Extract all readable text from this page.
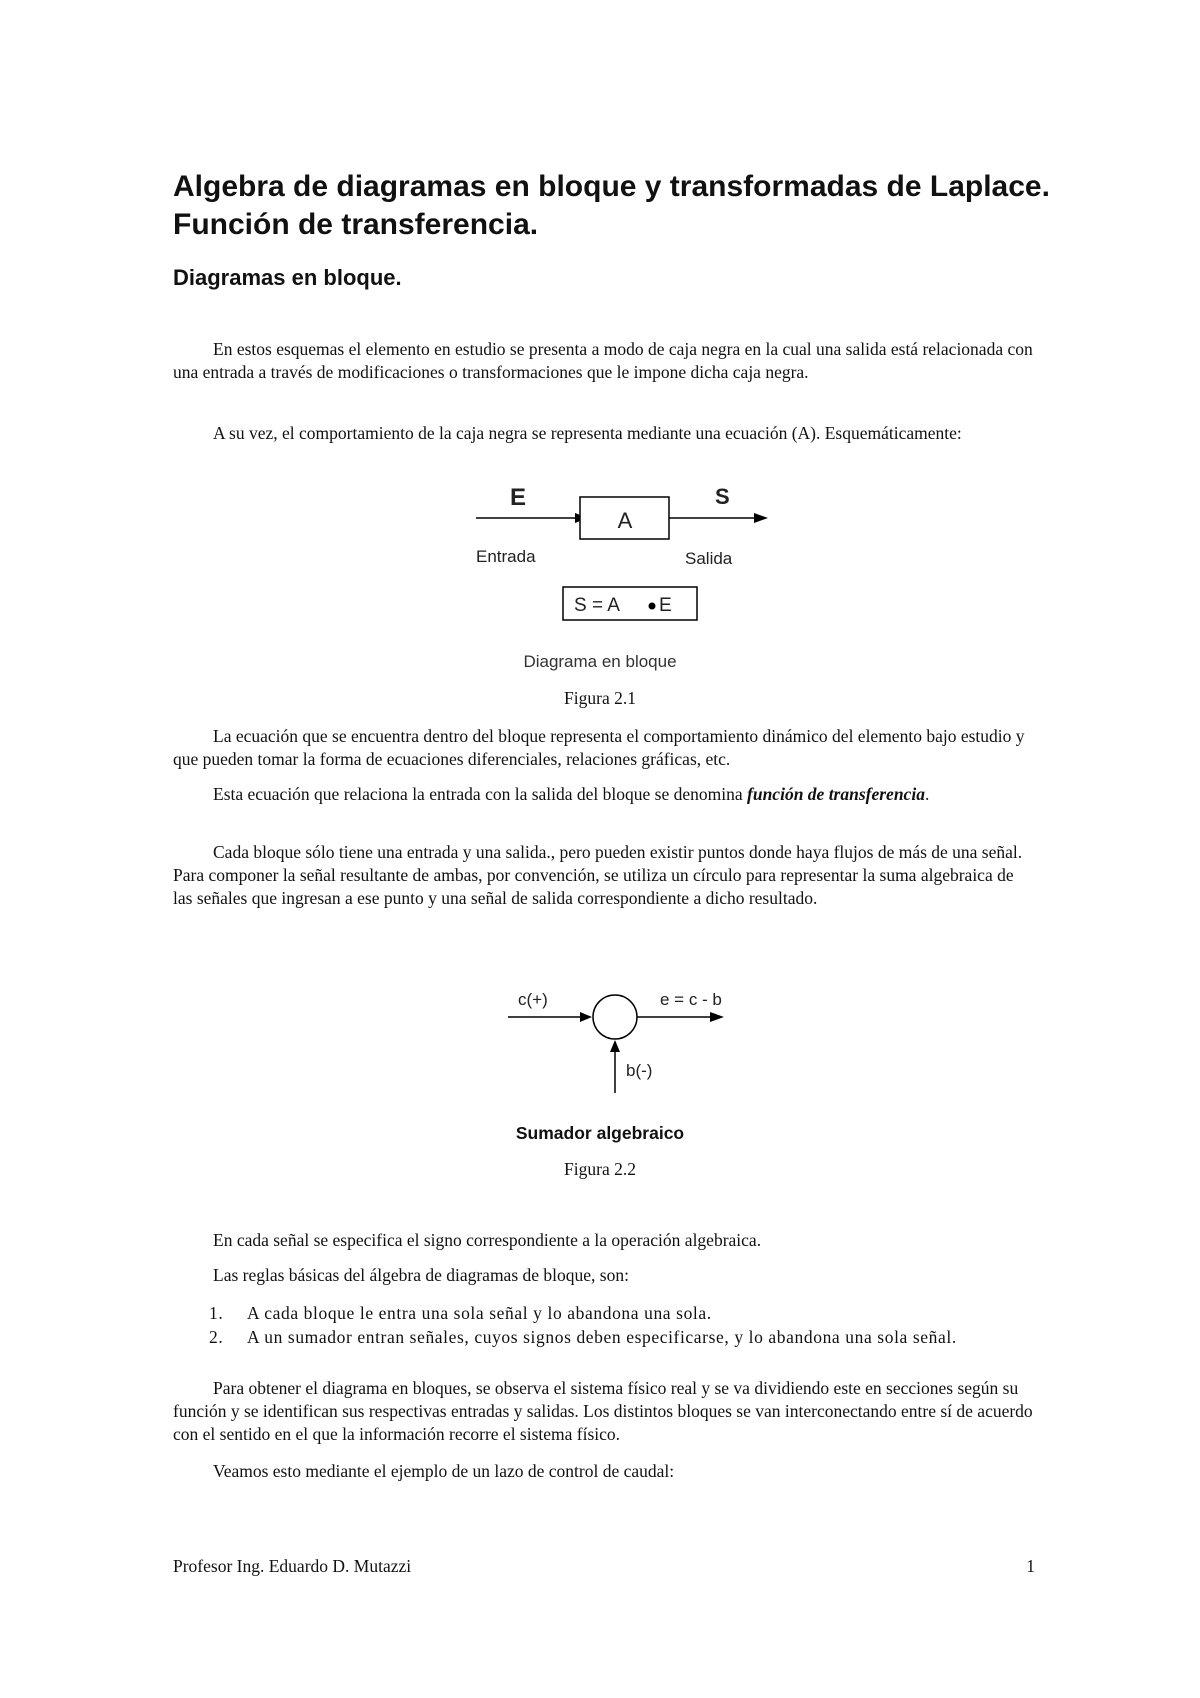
Algebra de diagramas en bloque y transformadas de Laplace. Función de transferencia.
Diagramas en bloque.

En estos esquemas el elemento en estudio se presenta a modo de caja negra en la cual una salida está relacionada con una entrada a través de modificaciones o transformaciones que le impone dicha caja negra.

A su vez, el comportamiento de la caja negra se representa mediante una ecuación (A). Esquemáticamente:

E
A
S
Entrada	Salida
S = A E

Diagrama en bloque

Figura 2.1

La ecuación que se encuentra dentro del bloque representa el comportamiento dinámico del elemento bajo estudio y que pueden tomar la forma de ecuaciones diferenciales, relaciones gráficas, etc.

Esta ecuación que relaciona la entrada con la salida del bloque se denomina función de transferencia.

Cada bloque sólo tiene una entrada y una salida., pero pueden existir puntos donde haya flujos de más de una señal. Para componer la señal resultante de ambas, por convención, se utiliza un círculo para representar la suma algebraica de las señales que ingresan a ese punto y una señal de salida correspondiente a dicho resultado.

c(+)	e = c - b
b(-)

Sumador algebraico

Figura 2.2

En cada señal se especifica el signo correspondiente a la operación algebraica.

Las reglas básicas del álgebra de diagramas de bloque, son:

1. A cada bloque le entra una sola señal y lo abandona una sola.
2. A un sumador entran señales, cuyos signos deben especificarse, y lo abandona una sola señal.

Para obtener el diagrama en bloques, se observa el sistema físico real y se va dividiendo este en secciones según su función y se identifican sus respectivas entradas y salidas. Los distintos bloques se van interconectando entre sí de acuerdo con el sentido en el que la información recorre el sistema físico.

Veamos esto mediante el ejemplo de un lazo de control de caudal:

Profesor Ing. Eduardo D. Mutazzi	1
